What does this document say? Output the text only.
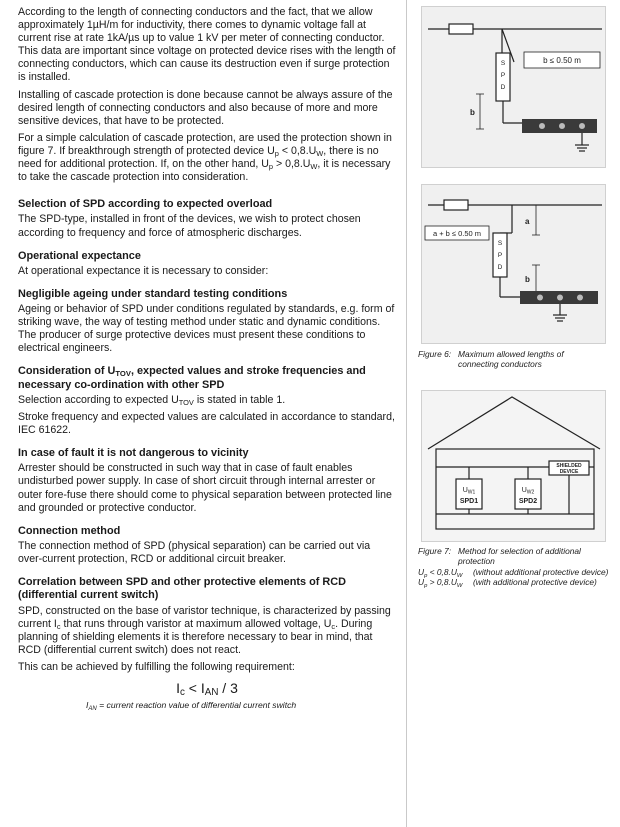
According to the length of connecting conductors and the fact, that we allow approximately 1µH/m for inductivity, there comes to dynamic voltage fall at current rise at rate 1kA/µs up to value 1 kV per meter of connecting conductor. This data are important since voltage on protected device rises with the length of connecting conductors, which can cause its destruction even if surge protection is installed.

Installing of cascade protection is done because cannot be always assure of the desired length of connecting conductors and also because of more and more sensitive devices, that have to be protected.

For a simple calculation of cascade protection, are used the protection shown in figure 7. If breakthrough strength of protected device $U_p < 0,8.U_W$, there is no need for additional protection. If, on the other hand, $U_p > 0,8.U_W$, it is necessary to take the cascade protection into consideration.

Selection of SPD according to expected overload

The SPD-type, installed in front of the devices, we wish to protect chosen according to frequency and force of atmospheric discharges.

Operational expectance

At operational expectance it is necessary to consider:

Negligible ageing under standard testing conditions

Ageing or behavior of SPD under conditions regulated by standards, e.g. form of striking wave, the way of testing method under static and dynamic conditions. The producer of surge protective devices must present these conditions to electrical engineers.

Consideration of $U_{TOV}$, expected values and stroke frequencies and necessary co-ordination with other SPD

Selection according to expected $U_{TOV}$ is stated in table 1.

Stroke frequency and expected values are calculated in accordance to standard, IEC 61622.

In case of fault it is not dangerous to vicinity

Arrester should be constructed in such way that in case of fault enables undisturbed power supply. In case of short circuit through internal arrester or outer fore-fuse there should come to physical separation between protected line and grounded or protective conductor.

Connection method

The connection method of SPD (physical separation) can be carried out via over-current protection, RCD or additional circuit breaker.

Correlation between SPD and other protective elements of RCD (differential current switch)

SPD, constructed on the base of varistor technique, is characterized by passing current $I_c$ that runs through varistor at maximum allowed voltage, $U_c$. During planning of shielding elements it is therefore necessary to bear in mind, that RCD (differential current switch) does not react.

This can be achieved by fulfilling the following requirement:

$I_c < I_{AN} / 3$
$I_{AN}$ = current reaction value of differential current switch
S
P
D
b
b ≤ 0.50 m
S
P
D
a
b
a + b ≤ 0.50 m
Figure 6: Maximum allowed lengths of
connecting conductors
$U_{W1}$
SPD1
$U_{W2}$
SPD2
SHIELDED
DEVICE
Figure 7: Method for selection of additional
protection
$U_p < 0,8.U_W$ (without additional protective device)
$U_p > 0,8.U_W$ (with additional protective device)
